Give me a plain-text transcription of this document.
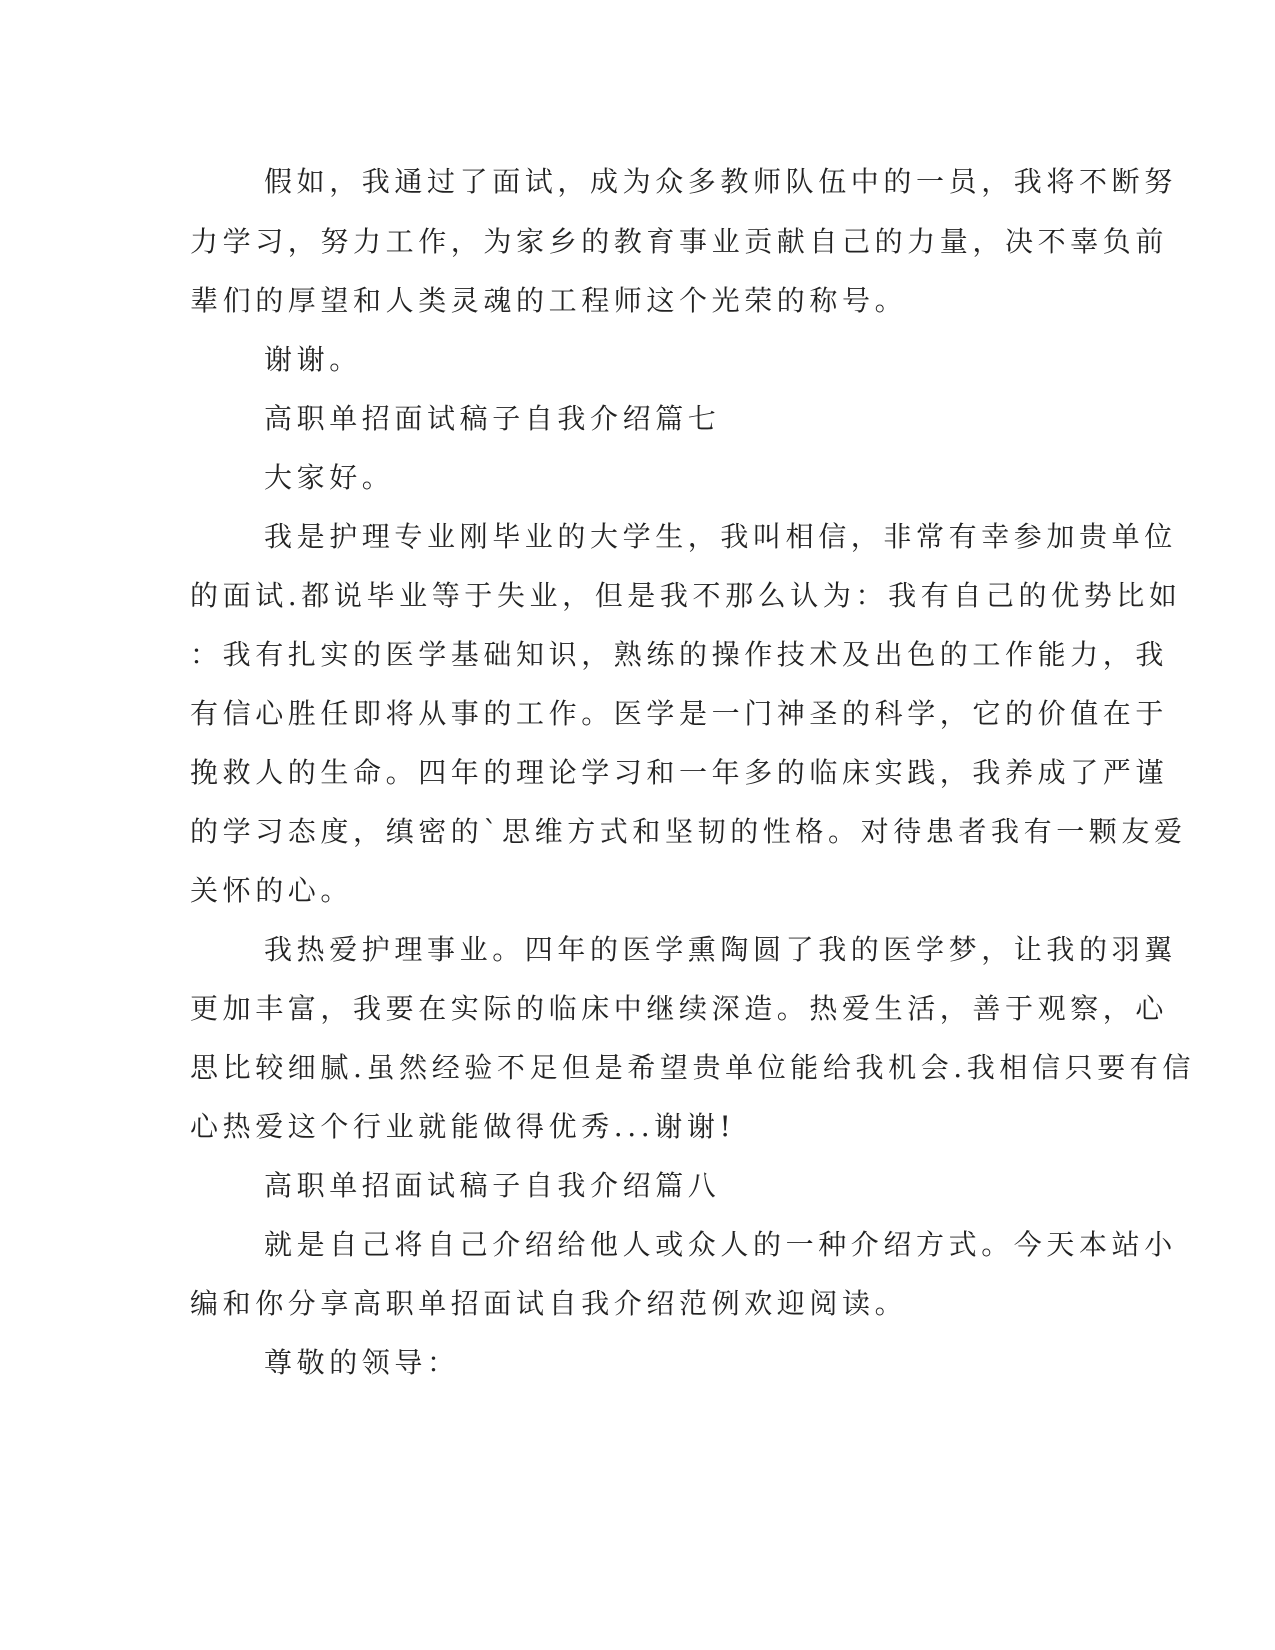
假如，我通过了面试，成为众多教师队伍中的一员，我将不断努
力学习，努力工作，为家乡的教育事业贡献自己的力量，决不辜负前
辈们的厚望和人类灵魂的工程师这个光荣的称号。
谢谢。
高职单招面试稿子自我介绍篇七
大家好。
我是护理专业刚毕业的大学生，我叫相信，非常有幸参加贵单位
的面试.都说毕业等于失业，但是我不那么认为：我有自己的优势比如
：我有扎实的医学基础知识，熟练的操作技术及出色的工作能力，我
有信心胜任即将从事的工作。医学是一门神圣的科学，它的价值在于
挽救人的生命。四年的理论学习和一年多的临床实践，我养成了严谨
的学习态度，缜密的`思维方式和坚韧的性格。对待患者我有一颗友爱
关怀的心。
我热爱护理事业。四年的医学熏陶圆了我的医学梦，让我的羽翼
更加丰富，我要在实际的临床中继续深造。热爱生活，善于观察，心
思比较细腻.虽然经验不足但是希望贵单位能给我机会.我相信只要有信
心热爱这个行业就能做得优秀...谢谢!
高职单招面试稿子自我介绍篇八
就是自己将自己介绍给他人或众人的一种介绍方式。今天本站小
编和你分享高职单招面试自我介绍范例欢迎阅读。
尊敬的领导：
